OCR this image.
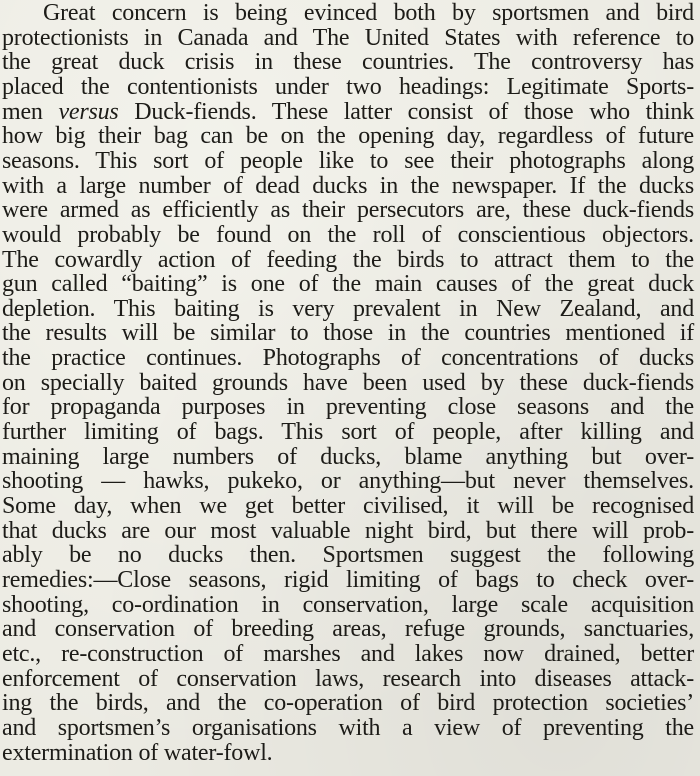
Great concern is being evinced both by sportsmen and bird
protectionists in Canada and The United States with reference to
the great duck crisis in these countries. The controversy has
placed the contentionists under two headings: Legitimate Sports-
men versus Duck-fiends. These latter consist of those who think
how big their bag can be on the opening day, regardless of future
seasons. This sort of people like to see their photographs along
with a large number of dead ducks in the newspaper. If the ducks
were armed as efficiently as their persecutors are, these duck-fiends
would probably be found on the roll of conscientious objectors.
The cowardly action of feeding the birds to attract them to the
gun called “baiting” is one of the main causes of the great duck
depletion. This baiting is very prevalent in New Zealand, and
the results will be similar to those in the countries mentioned if
the practice continues. Photographs of concentrations of ducks
on specially baited grounds have been used by these duck-fiends
for propaganda purposes in preventing close seasons and the
further limiting of bags. This sort of people, after killing and
maining large numbers of ducks, blame anything but over-
shooting — hawks, pukeko, or anything—but never themselves.
Some day, when we get better civilised, it will be recognised
that ducks are our most valuable night bird, but there will prob-
ably be no ducks then. Sportsmen suggest the following
remedies:—Close seasons, rigid limiting of bags to check over-
shooting, co-ordination in conservation, large scale acquisition
and conservation of breeding areas, refuge grounds, sanctuaries,
etc., re-construction of marshes and lakes now drained, better
enforcement of conservation laws, research into diseases attack-
ing the birds, and the co-operation of bird protection societies’
and sportsmen’s organisations with a view of preventing the
extermination of water-fowl.
